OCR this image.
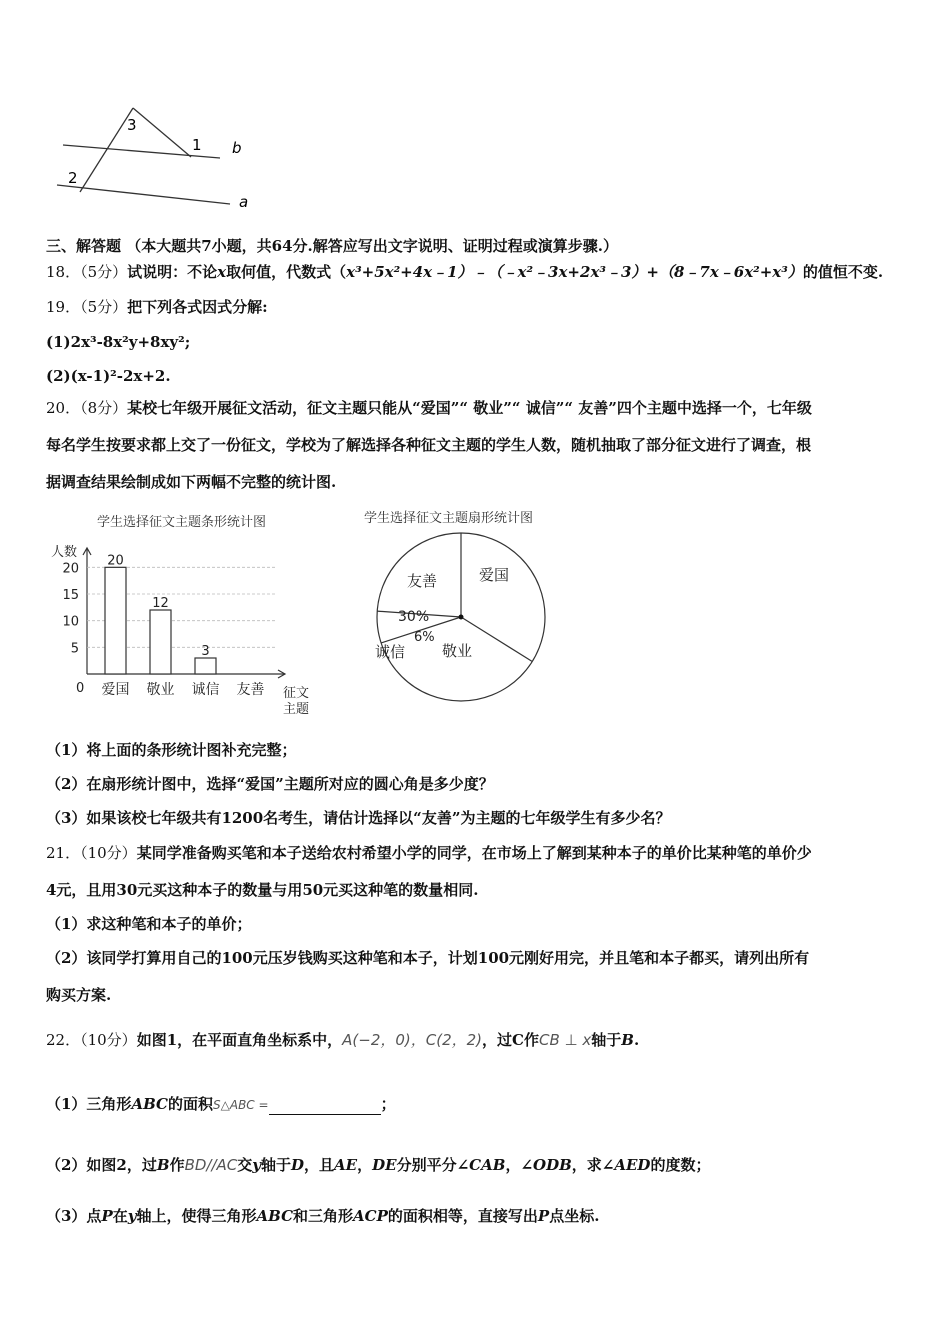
3
1
2
b
a
三、解答题 （本大题共7小题，共64分.解答应写出文字说明、证明过程或演算步骤.）
18．（5分）试说明：不论x取何值，代数式（x³+5x²+4x﹣1）﹣（﹣x²﹣3x+2x³﹣3）+（8﹣7x﹣6x²+x³）的值恒不变.
19．（5分）把下列各式因式分解:
(1)2x³-8x²y+8xy²;
(2)(x-1)²-2x+2.
20．（8分）某校七年级开展征文活动，征文主题只能从“爱国”“ 敬业”“ 诚信”“ 友善”四个主题中选择一个，七年级
每名学生按要求都上交了一份征文，学校为了解选择各种征文主题的学生人数，随机抽取了部分征文进行了调查，根
据调查结果绘制成如下两幅不完整的统计图.
学生选择征文主题条形统计图
人数
0
5
10
15
20
20
爱国
12
敬业
3
诚信 友善 征文
主题
学生选择征文主题扇形统计图
爱国
敬业
诚信
友善
30%
6%
（1）将上面的条形统计图补充完整；
（2）在扇形统计图中，选择“爱国”主题所对应的圆心角是多少度？
（3）如果该校七年级共有1200名考生，请估计选择以“友善”为主题的七年级学生有多少名？
21．（10分）某同学准备购买笔和本子送给农村希望小学的同学，在市场上了解到某种本子的单价比某种笔的单价少
4元，且用30元买这种本子的数量与用50元买这种笔的数量相同.
（1）求这种笔和本子的单价；
（2）该同学打算用自己的100元压岁钱购买这种笔和本子，计划100元刚好用完，并且笔和本子都买，请列出所有
购买方案.
22．（10分）如图1，在平面直角坐标系中，A(−2，0)，C(2，2)，过C作CB ⊥ x轴于B.
（1）三角形ABC的面积S△ABC =	；
（2）如图2，过B作BD//AC交y轴于D，且AE，DE分别平分∠CAB，∠ODB，求∠AED的度数；
（3）点P在y轴上，使得三角形ABC和三角形ACP的面积相等，直接写出P点坐标.
